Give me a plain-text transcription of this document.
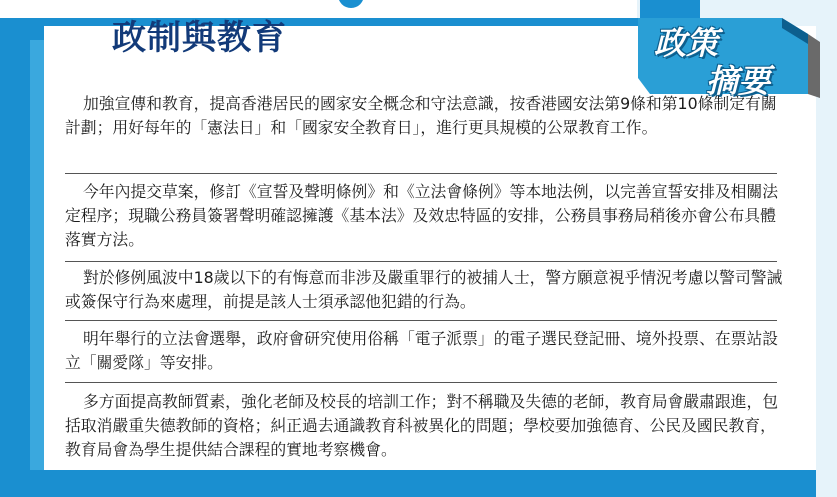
政制與教育	政策
摘要
加強宣傳和教育，提高香港居民的國家安全概念和守法意識，按香港國安法第9條和第10條制定有關計劃；用好每年的「憲法日」和「國家安全教育日」，進行更具規模的公眾教育工作。
今年內提交草案，修訂《宣誓及聲明條例》和《立法會條例》等本地法例，以完善宣誓安排及相關法定程序；現職公務員簽署聲明確認擁護《基本法》及效忠特區的安排，公務員事務局稍後亦會公布具體落實方法。
對於修例風波中18歲以下的有悔意而非涉及嚴重罪行的被捕人士，警方願意視乎情況考慮以警司警誡或簽保守行為來處理，前提是該人士須承認他犯錯的行為。
明年舉行的立法會選舉，政府會研究使用俗稱「電子派票」的電子選民登記冊、境外投票、在票站設立「關愛隊」等安排。
多方面提高教師質素，強化老師及校長的培訓工作；對不稱職及失德的老師，教育局會嚴肅跟進，包括取消嚴重失德教師的資格；糾正過去通識教育科被異化的問題；學校要加強德育、公民及國民教育，教育局會為學生提供結合課程的實地考察機會。
